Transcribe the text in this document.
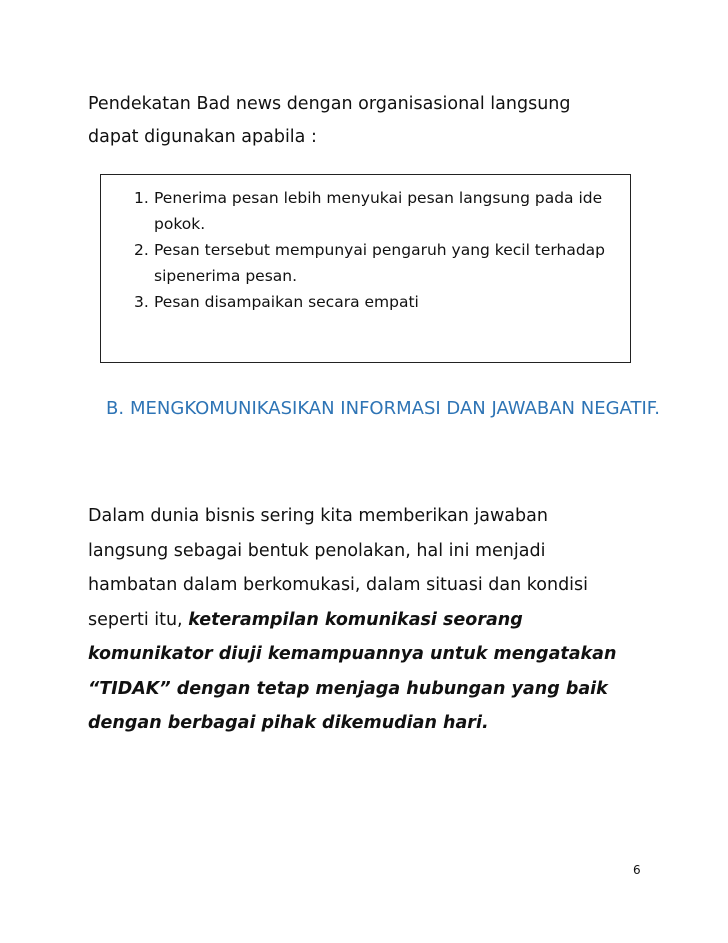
Pendekatan Bad news dengan organisasional langsung
dapat digunakan apabila :

1. Penerima pesan lebih menyukai pesan langsung pada ide pokok.
2. Pesan tersebut mempunyai pengaruh yang kecil terhadap sipenerima pesan.
3. Pesan disampaikan secara empati
B. MENGKOMUNIKASIKAN INFORMASI DAN JAWABAN NEGATIF.

Dalam dunia bisnis sering kita memberikan jawaban
langsung sebagai bentuk penolakan, hal ini menjadi
hambatan dalam berkomukasi, dalam situasi dan kondisi
seperti itu, keterampilan komunikasi seorang
komunikator diuji kemampuannya untuk mengatakan
“TIDAK” dengan tetap menjaga hubungan yang baik
dengan berbagai pihak dikemudian hari.

6
